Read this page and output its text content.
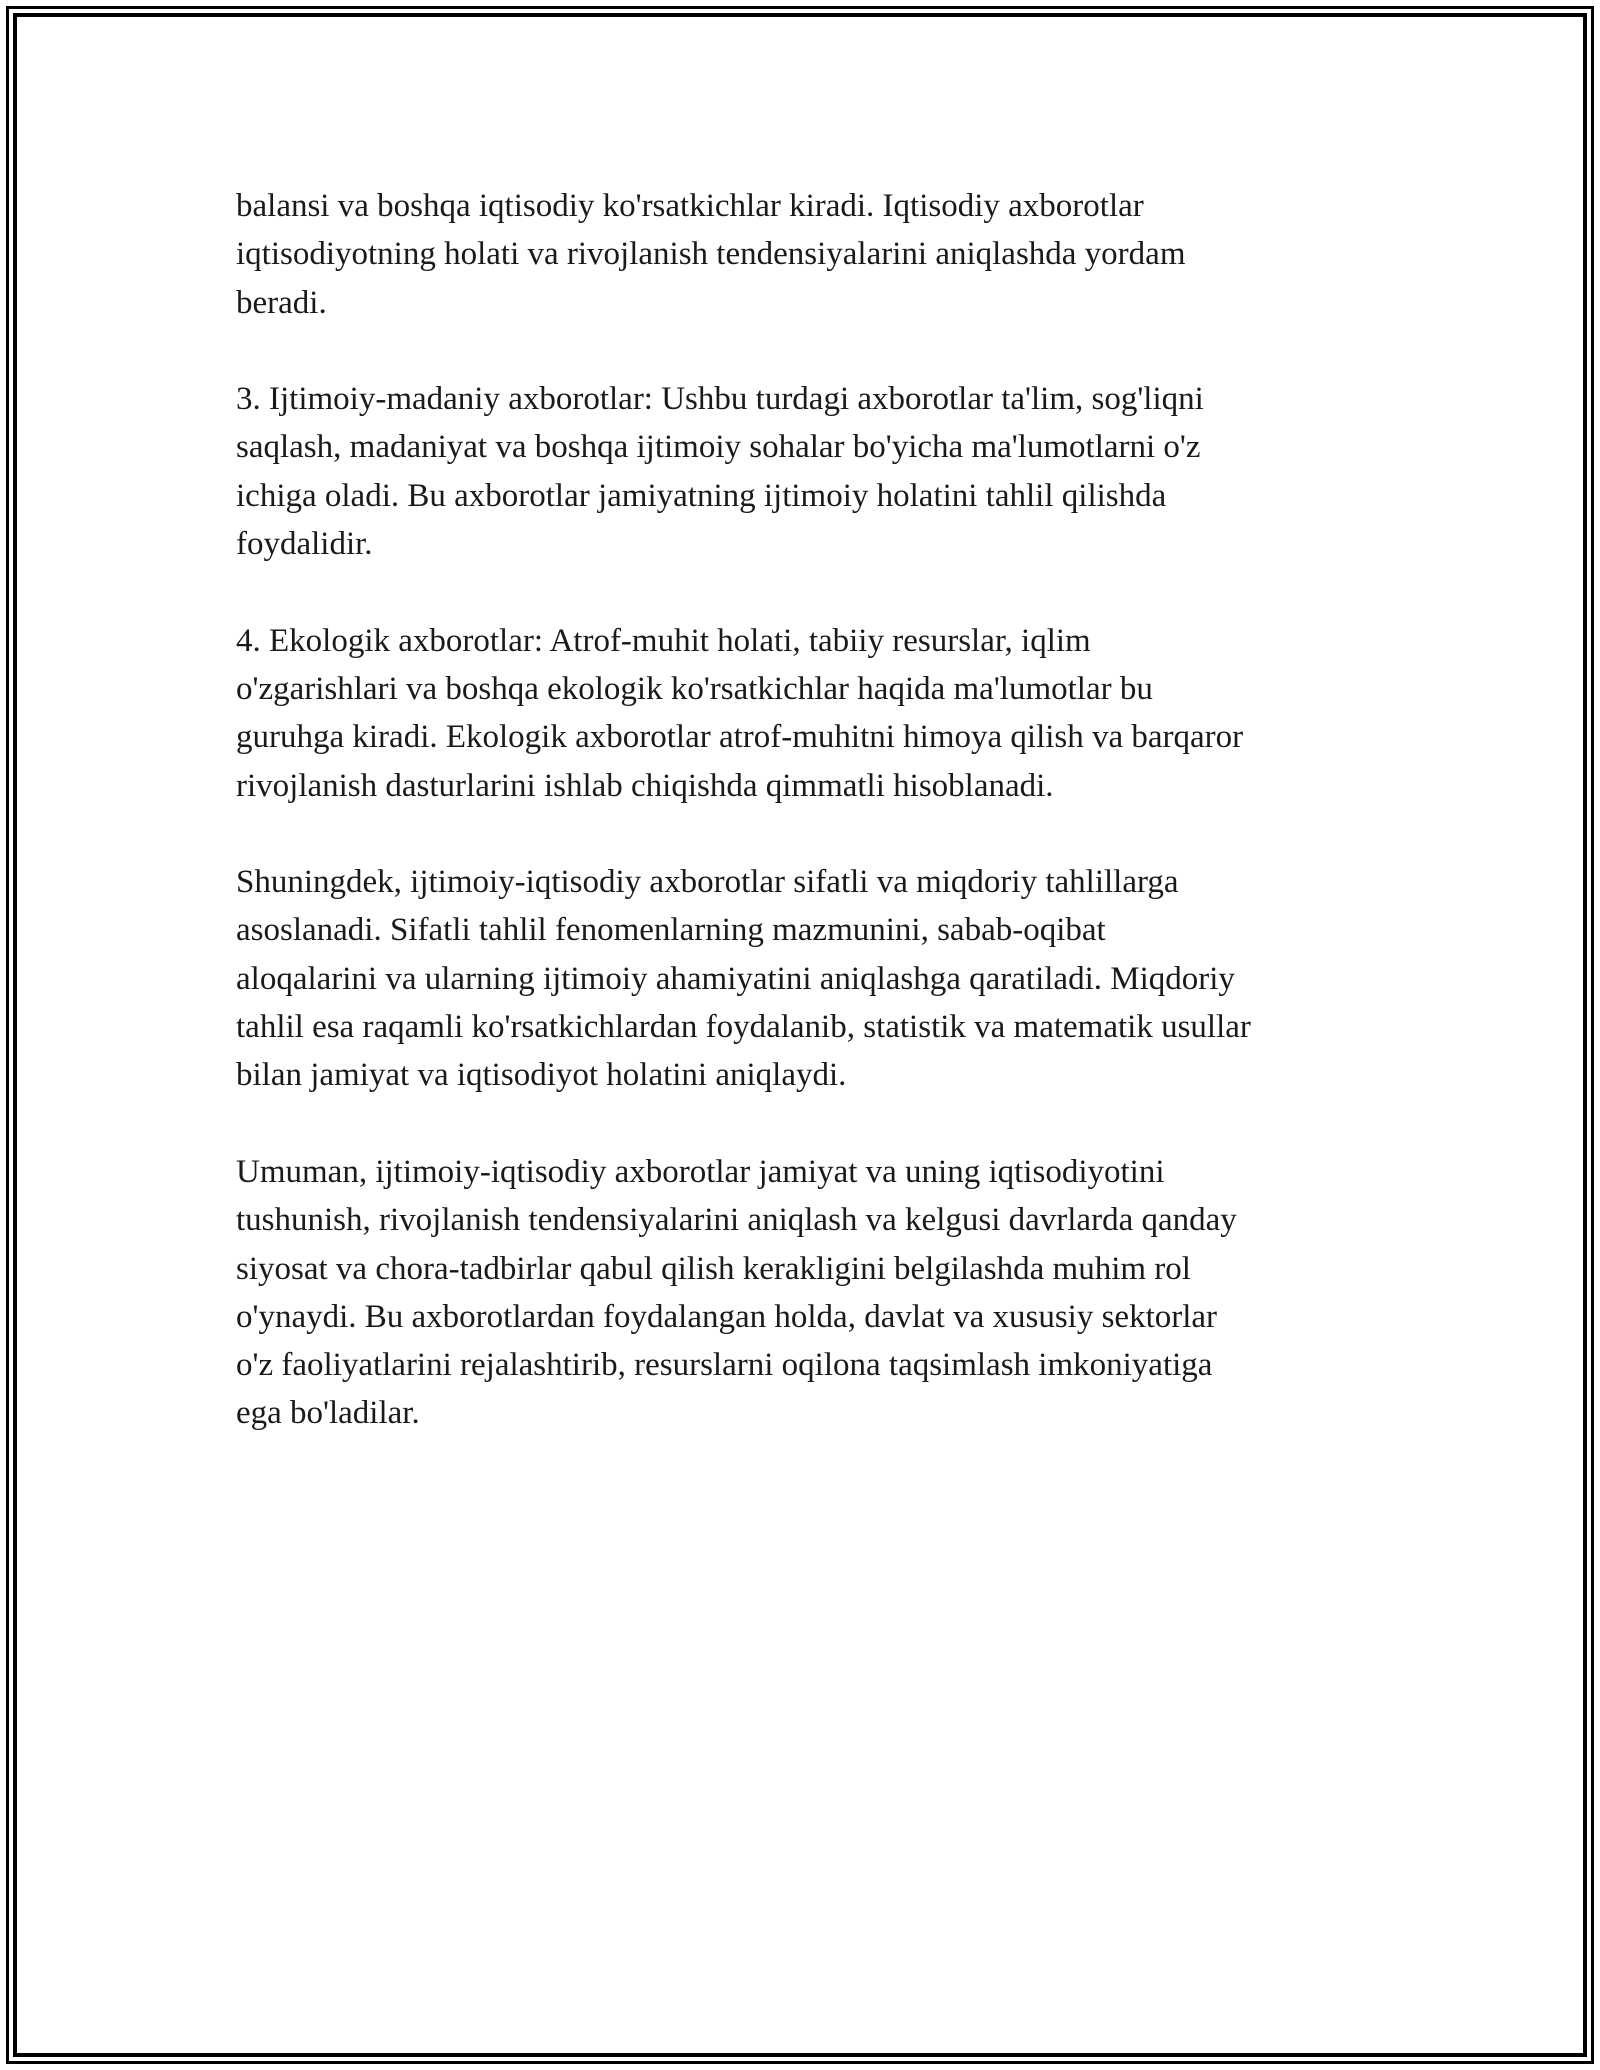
balansi va boshqa iqtisodiy ko'rsatkichlar kiradi. Iqtisodiy axborotlar
iqtisodiyotning holati va rivojlanish tendensiyalarini aniqlashda yordam
beradi.

3. Ijtimoiy-madaniy axborotlar: Ushbu turdagi axborotlar ta'lim, sog'liqni
saqlash, madaniyat va boshqa ijtimoiy sohalar bo'yicha ma'lumotlarni o'z
ichiga oladi. Bu axborotlar jamiyatning ijtimoiy holatini tahlil qilishda
foydalidir.

4. Ekologik axborotlar: Atrof-muhit holati, tabiiy resurslar, iqlim
o'zgarishlari va boshqa ekologik ko'rsatkichlar haqida ma'lumotlar bu
guruhga kiradi. Ekologik axborotlar atrof-muhitni himoya qilish va barqaror
rivojlanish dasturlarini ishlab chiqishda qimmatli hisoblanadi.

Shuningdek, ijtimoiy-iqtisodiy axborotlar sifatli va miqdoriy tahlillarga
asoslanadi. Sifatli tahlil fenomenlarning mazmunini, sabab-oqibat
aloqalarini va ularning ijtimoiy ahamiyatini aniqlashga qaratiladi. Miqdoriy
tahlil esa raqamli ko'rsatkichlardan foydalanib, statistik va matematik usullar
bilan jamiyat va iqtisodiyot holatini aniqlaydi.

Umuman, ijtimoiy-iqtisodiy axborotlar jamiyat va uning iqtisodiyotini
tushunish, rivojlanish tendensiyalarini aniqlash va kelgusi davrlarda qanday
siyosat va chora-tadbirlar qabul qilish kerakligini belgilashda muhim rol
o'ynaydi. Bu axborotlardan foydalangan holda, davlat va xususiy sektorlar
o'z faoliyatlarini rejalashtirib, resurslarni oqilona taqsimlash imkoniyatiga
ega bo'ladilar.
